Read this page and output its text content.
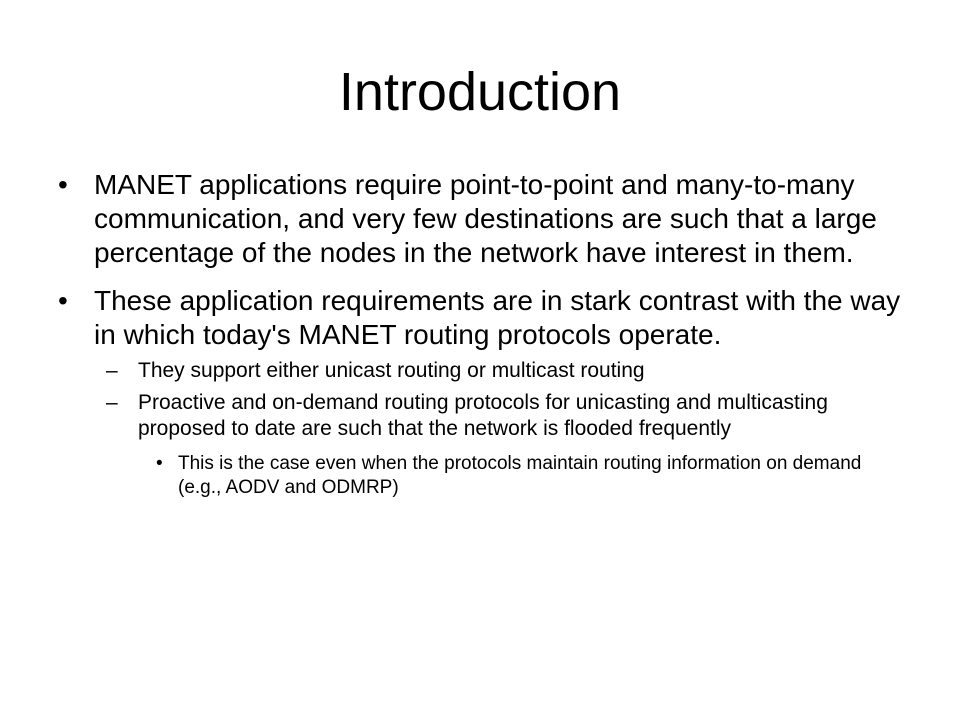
Introduction
• MANET applications require point-to-point and many-to-many communication, and very few destinations are such that a large percentage of the nodes in the network have interest in them.
• These application requirements are in stark contrast with the way in which today's MANET routing protocols operate.
– They support either unicast routing or multicast routing
– Proactive and on-demand routing protocols for unicasting and multicasting proposed to date are such that the network is flooded frequently
• This is the case even when the protocols maintain routing information on demand (e.g., AODV and ODMRP)
